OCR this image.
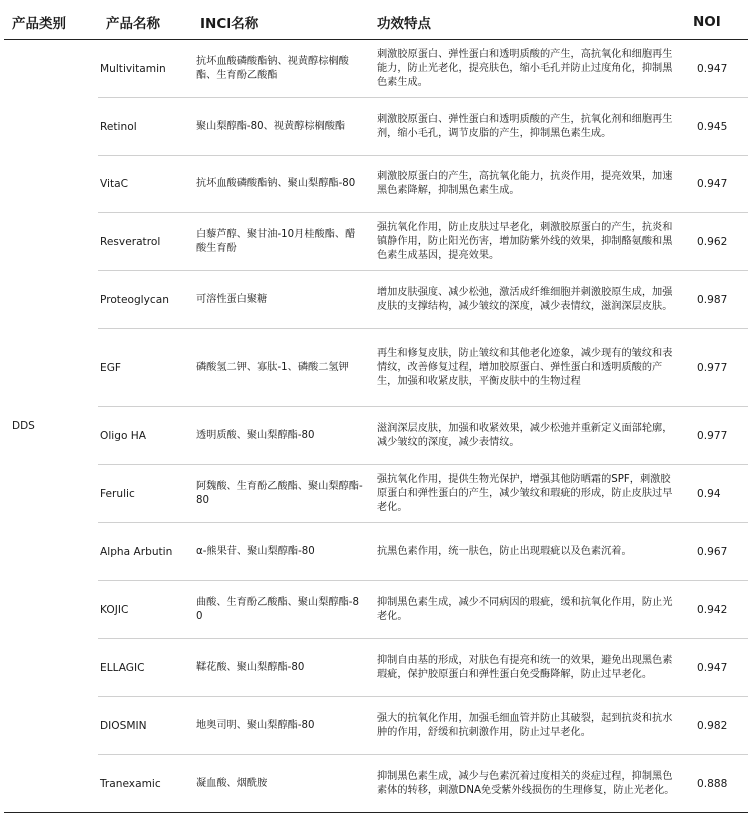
产品类别	产品名称	INCI名称	功效特点	NOI
DDS	Multivitamin	抗坏血酸磷酸酯钠、视黄醇棕榈酸酯、生育酚乙酸酯	刺激胶原蛋白、弹性蛋白和透明质酸的产生，高抗氧化和细胞再生能力，防止光老化，提亮肤色，缩小毛孔并防止过度角化，抑制黑色素生成。	0.947
	Retinol	聚山梨醇酯-80、视黄醇棕榈酸酯	刺激胶原蛋白、弹性蛋白和透明质酸的产生，抗氧化剂和细胞再生剂，缩小毛孔，调节皮脂的产生，抑制黑色素生成。	0.945
	VitaC	抗坏血酸磷酸酯钠、聚山梨醇酯-80	刺激胶原蛋白的产生，高抗氧化能力，抗炎作用，提亮效果，加速黑色素降解，抑制黑色素生成。	0.947
	Resveratrol	白藜芦醇、聚甘油-10月桂酸酯、醋酸生育酚	强抗氧化作用，防止皮肤过早老化，刺激胶原蛋白的产生，抗炎和镇静作用，防止阳光伤害，增加防紫外线的效果，抑制酪氨酸和黑色素生成基因，提亮效果。	0.962
	Proteoglycan	可溶性蛋白聚糖	增加皮肤强度、减少松弛，激活成纤维细胞并刺激胶原生成，加强皮肤的支撑结构，减少皱纹的深度，减少表情纹，滋润深层皮肤。	0.987
	EGF	磷酸氢二钾、寡肽-1、磷酸二氢钾	再生和修复皮肤，防止皱纹和其他老化迹象，减少现有的皱纹和表情纹，改善修复过程，增加胶原蛋白、弹性蛋白和透明质酸的产生，加强和收紧皮肤，平衡皮肤中的生物过程	0.977
	Oligo HA	透明质酸、聚山梨醇酯-80	滋润深层皮肤，加强和收紧效果，减少松弛并重新定义面部轮廓，减少皱纹的深度，减少表情纹。	0.977
	Ferulic	阿魏酸、生育酚乙酸酯、聚山梨醇酯-80	强抗氧化作用，提供生物光保护，增强其他防晒霜的SPF，刺激胶原蛋白和弹性蛋白的产生，减少皱纹和瑕疵的形成，防止皮肤过早老化。	0.94
	Alpha Arbutin	α-熊果苷、聚山梨醇酯-80	抗黑色素作用，统一肤色，防止出现瑕疵以及色素沉着。	0.967
	KOJIC	曲酸、生育酚乙酸酯、聚山梨醇酯-80	抑制黑色素生成，减少不同病因的瑕疵，缓和抗氧化作用，防止光老化。	0.942
	ELLAGIC	鞣花酸、聚山梨醇酯-80	抑制自由基的形成，对肤色有提亮和统一的效果，避免出现黑色素瑕疵，保护胶原蛋白和弹性蛋白免受酶降解，防止过早老化。	0.947
	DIOSMIN	地奥司明、聚山梨醇酯-80	强大的抗氧化作用，加强毛细血管并防止其破裂，起到抗炎和抗水肿的作用，舒缓和抗刺激作用，防止过早老化。	0.982
	Tranexamic	凝血酸、烟酰胺	抑制黑色素生成，减少与色素沉着过度相关的炎症过程，抑制黑色素体的转移，刺激DNA免受紫外线损伤的生理修复，防止光老化。	0.888
